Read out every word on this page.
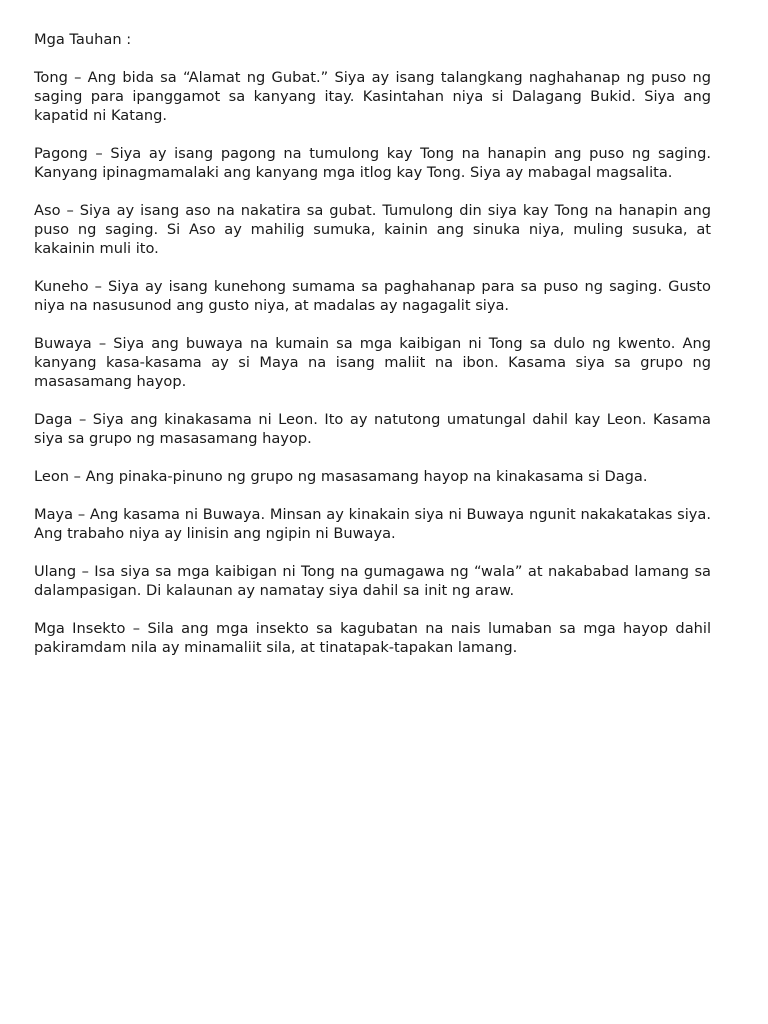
Mga Tauhan :

Tong – Ang bida sa “Alamat ng Gubat.” Siya ay isang talangkang naghahanap ng puso ng saging para ipanggamot sa kanyang itay. Kasintahan niya si Dalagang Bukid. Siya ang kapatid ni Katang.

Pagong – Siya ay isang pagong na tumulong kay Tong na hanapin ang puso ng saging. Kanyang ipinagmamalaki ang kanyang mga itlog kay Tong. Siya ay mabagal magsalita.

Aso – Siya ay isang aso na nakatira sa gubat. Tumulong din siya kay Tong na hanapin ang puso ng saging. Si Aso ay mahilig sumuka, kainin ang sinuka niya, muling susuka, at kakainin muli ito.

Kuneho – Siya ay isang kunehong sumama sa paghahanap para sa puso ng saging. Gusto niya na nasusunod ang gusto niya, at madalas ay nagagalit siya.

Buwaya – Siya ang buwaya na kumain sa mga kaibigan ni Tong sa dulo ng kwento. Ang kanyang kasa-kasama ay si Maya na isang maliit na ibon. Kasama siya sa grupo ng masasamang hayop.

Daga – Siya ang kinakasama ni Leon. Ito ay natutong umatungal dahil kay Leon. Kasama siya sa grupo ng masasamang hayop.

Leon – Ang pinaka-pinuno ng grupo ng masasamang hayop na kinakasama si Daga.

Maya – Ang kasama ni Buwaya. Minsan ay kinakain siya ni Buwaya ngunit nakakatakas siya. Ang trabaho niya ay linisin ang ngipin ni Buwaya.

Ulang – Isa siya sa mga kaibigan ni Tong na gumagawa ng “wala” at nakababad lamang sa dalampasigan. Di kalaunan ay namatay siya dahil sa init ng araw.

Mga Insekto – Sila ang mga insekto sa kagubatan na nais lumaban sa mga hayop dahil pakiramdam nila ay minamaliit sila, at tinatapak-tapakan lamang.
